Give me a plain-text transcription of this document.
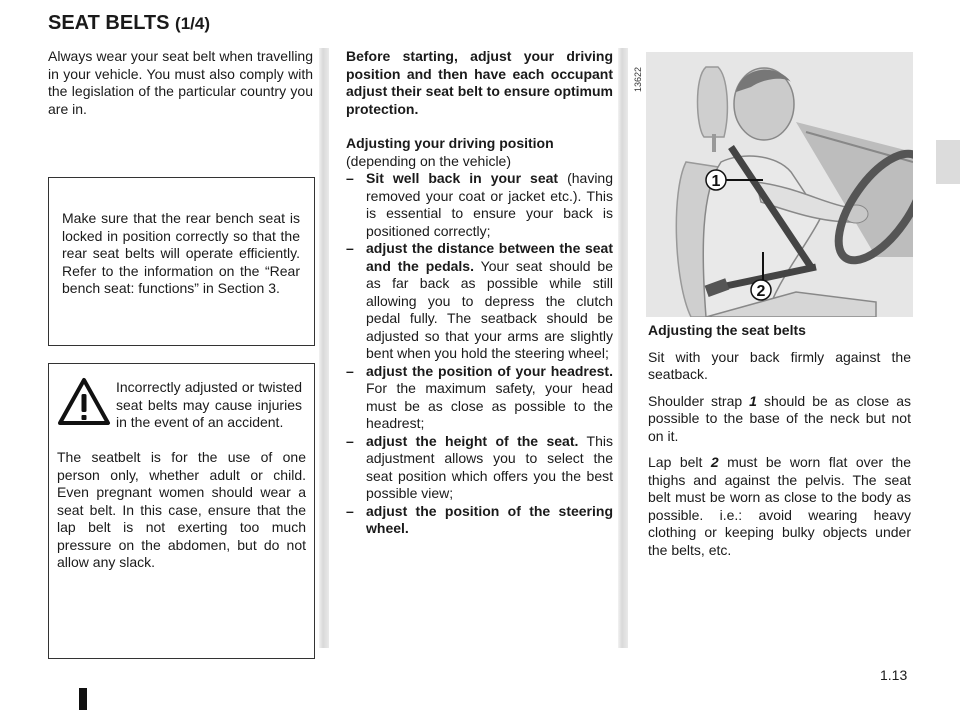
SEAT BELTS (1/4)
Always wear your seat belt when travelling in your vehicle. You must also comply with the legislation of the particular country you are in.

Make sure that the rear bench seat is locked in position correctly so that the rear seat belts will operate efficiently. Refer to the information on the “Rear bench seat: functions” in Section 3.

Incorrectly adjusted or twisted seat belts may cause injuries in the event of an accident.
The seatbelt is for the use of one person only, whether adult or child. Even pregnant women should wear a seat belt. In this case, ensure that the lap belt is not exerting too much pressure on the abdomen, but do not allow any slack.

Before starting, adjust your driving position and then have each occupant adjust their seat belt to ensure optimum protection.

Adjusting your driving position

(depending on the vehicle)

– Sit well back in your seat (having removed your coat or jacket etc.). This is essential to ensure your back is positioned correctly;
– adjust the distance between the seat and the pedals. Your seat should be as far back as possible while still allowing you to depress the clutch pedal fully. The seatback should be adjusted so that your arms are slightly bent when you hold the steering wheel;
– adjust the position of your headrest. For the maximum safety, your head must be as close as possible to the headrest;
– adjust the height of the seat. This adjustment allows you to select the seat position which offers you the best possible view;
– adjust the position of the steering wheel.
13622
1
2

Adjusting the seat belts

Sit with your back firmly against the seatback.

Shoulder strap 1 should be as close as possible to the base of the neck but not on it.

Lap belt 2 must be worn flat over the thighs and against the pelvis. The seat belt must be worn as close to the body as possible. i.e.: avoid wearing heavy clothing or keeping bulky objects under the belts, etc.

1.13
